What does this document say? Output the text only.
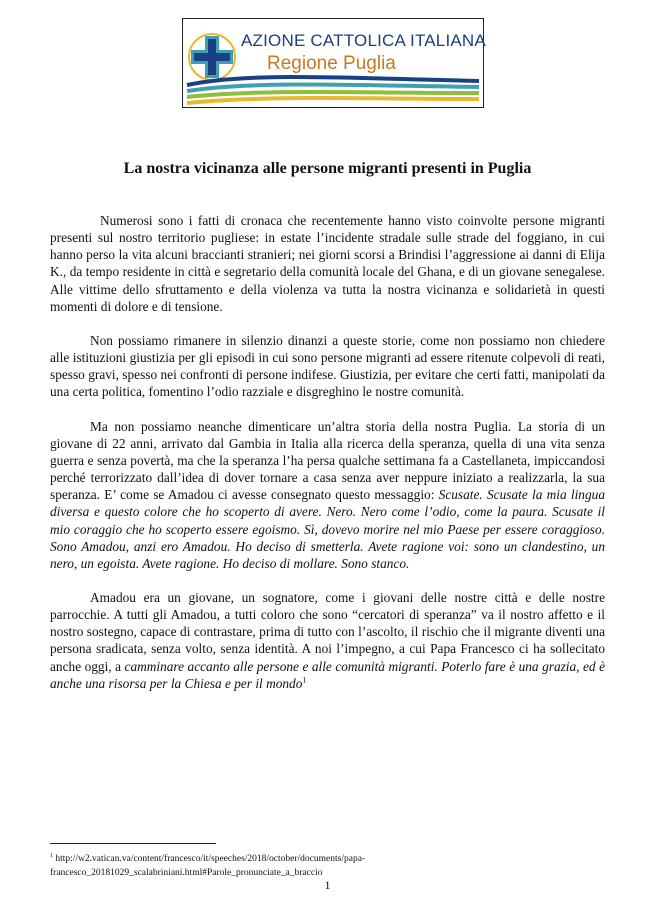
AZIONE CATTOLICA ITALIANA
Regione Puglia
La nostra vicinanza alle persone migranti presenti in Puglia

Numerosi sono i fatti di cronaca che recentemente hanno visto coinvolte persone migranti presenti sul nostro territorio pugliese: in estate l’incidente stradale sulle strade del foggiano, in cui hanno perso la vita alcuni braccianti stranieri; nei giorni scorsi a Brindisi l’aggressione ai danni di Elija K., da tempo residente in città e segretario della comunità locale del Ghana, e di un giovane senegalese. Alle vittime dello sfruttamento e della violenza va tutta la nostra vicinanza e solidarietà in questi momenti di dolore e di tensione.

Non possiamo rimanere in silenzio dinanzi a queste storie, come non possiamo non chiedere alle istituzioni giustizia per gli episodi in cui sono persone migranti ad essere ritenute colpevoli di reati, spesso gravi, spesso nei confronti di persone indifese. Giustizia, per evitare che certi fatti, manipolati da una certa politica, fomentino l’odio razziale e disgreghino le nostre comunità.

Ma non possiamo neanche dimenticare un’altra storia della nostra Puglia. La storia di un giovane di 22 anni, arrivato dal Gambia in Italia alla ricerca della speranza, quella di una vita senza guerra e senza povertà, ma che la speranza l’ha persa qualche settimana fa a Castellaneta, impiccandosi perché terrorizzato dall’idea di dover tornare a casa senza aver neppure iniziato a realizzarla, la sua speranza. E’ come se Amadou ci avesse consegnato questo messaggio: Scusate. Scusate la mia lingua diversa e questo colore che ho scoperto di avere. Nero. Nero come l’odio, come la paura. Scusate il mio coraggio che ho scoperto essere egoismo. Sì, dovevo morire nel mio Paese per essere coraggioso. Sono Amadou, anzi ero Amadou. Ho deciso di smetterla. Avete ragione voi: sono un clandestino, un nero, un egoista. Avete ragione. Ho deciso di mollare. Sono stanco.

Amadou era un giovane, un sognatore, come i giovani delle nostre città e delle nostre parrocchie. A tutti gli Amadou, a tutti coloro che sono “cercatori di speranza” va il nostro affetto e il nostro sostegno, capace di contrastare, prima di tutto con l’ascolto, il rischio che il migrante diventi una persona sradicata, senza volto, senza identità. A noi l’impegno, a cui Papa Francesco ci ha sollecitato anche oggi, a camminare accanto alle persone e alle comunità migranti. Poterlo fare è una grazia, ed è anche una risorsa per la Chiesa e per il mondo$^1$

$^1$ http://w2.vatican.va/content/francesco/it/speeches/2018/october/documents/papa-francesco_20181029_scalabriniani.html#Parole_pronunciate_a_braccio
1
